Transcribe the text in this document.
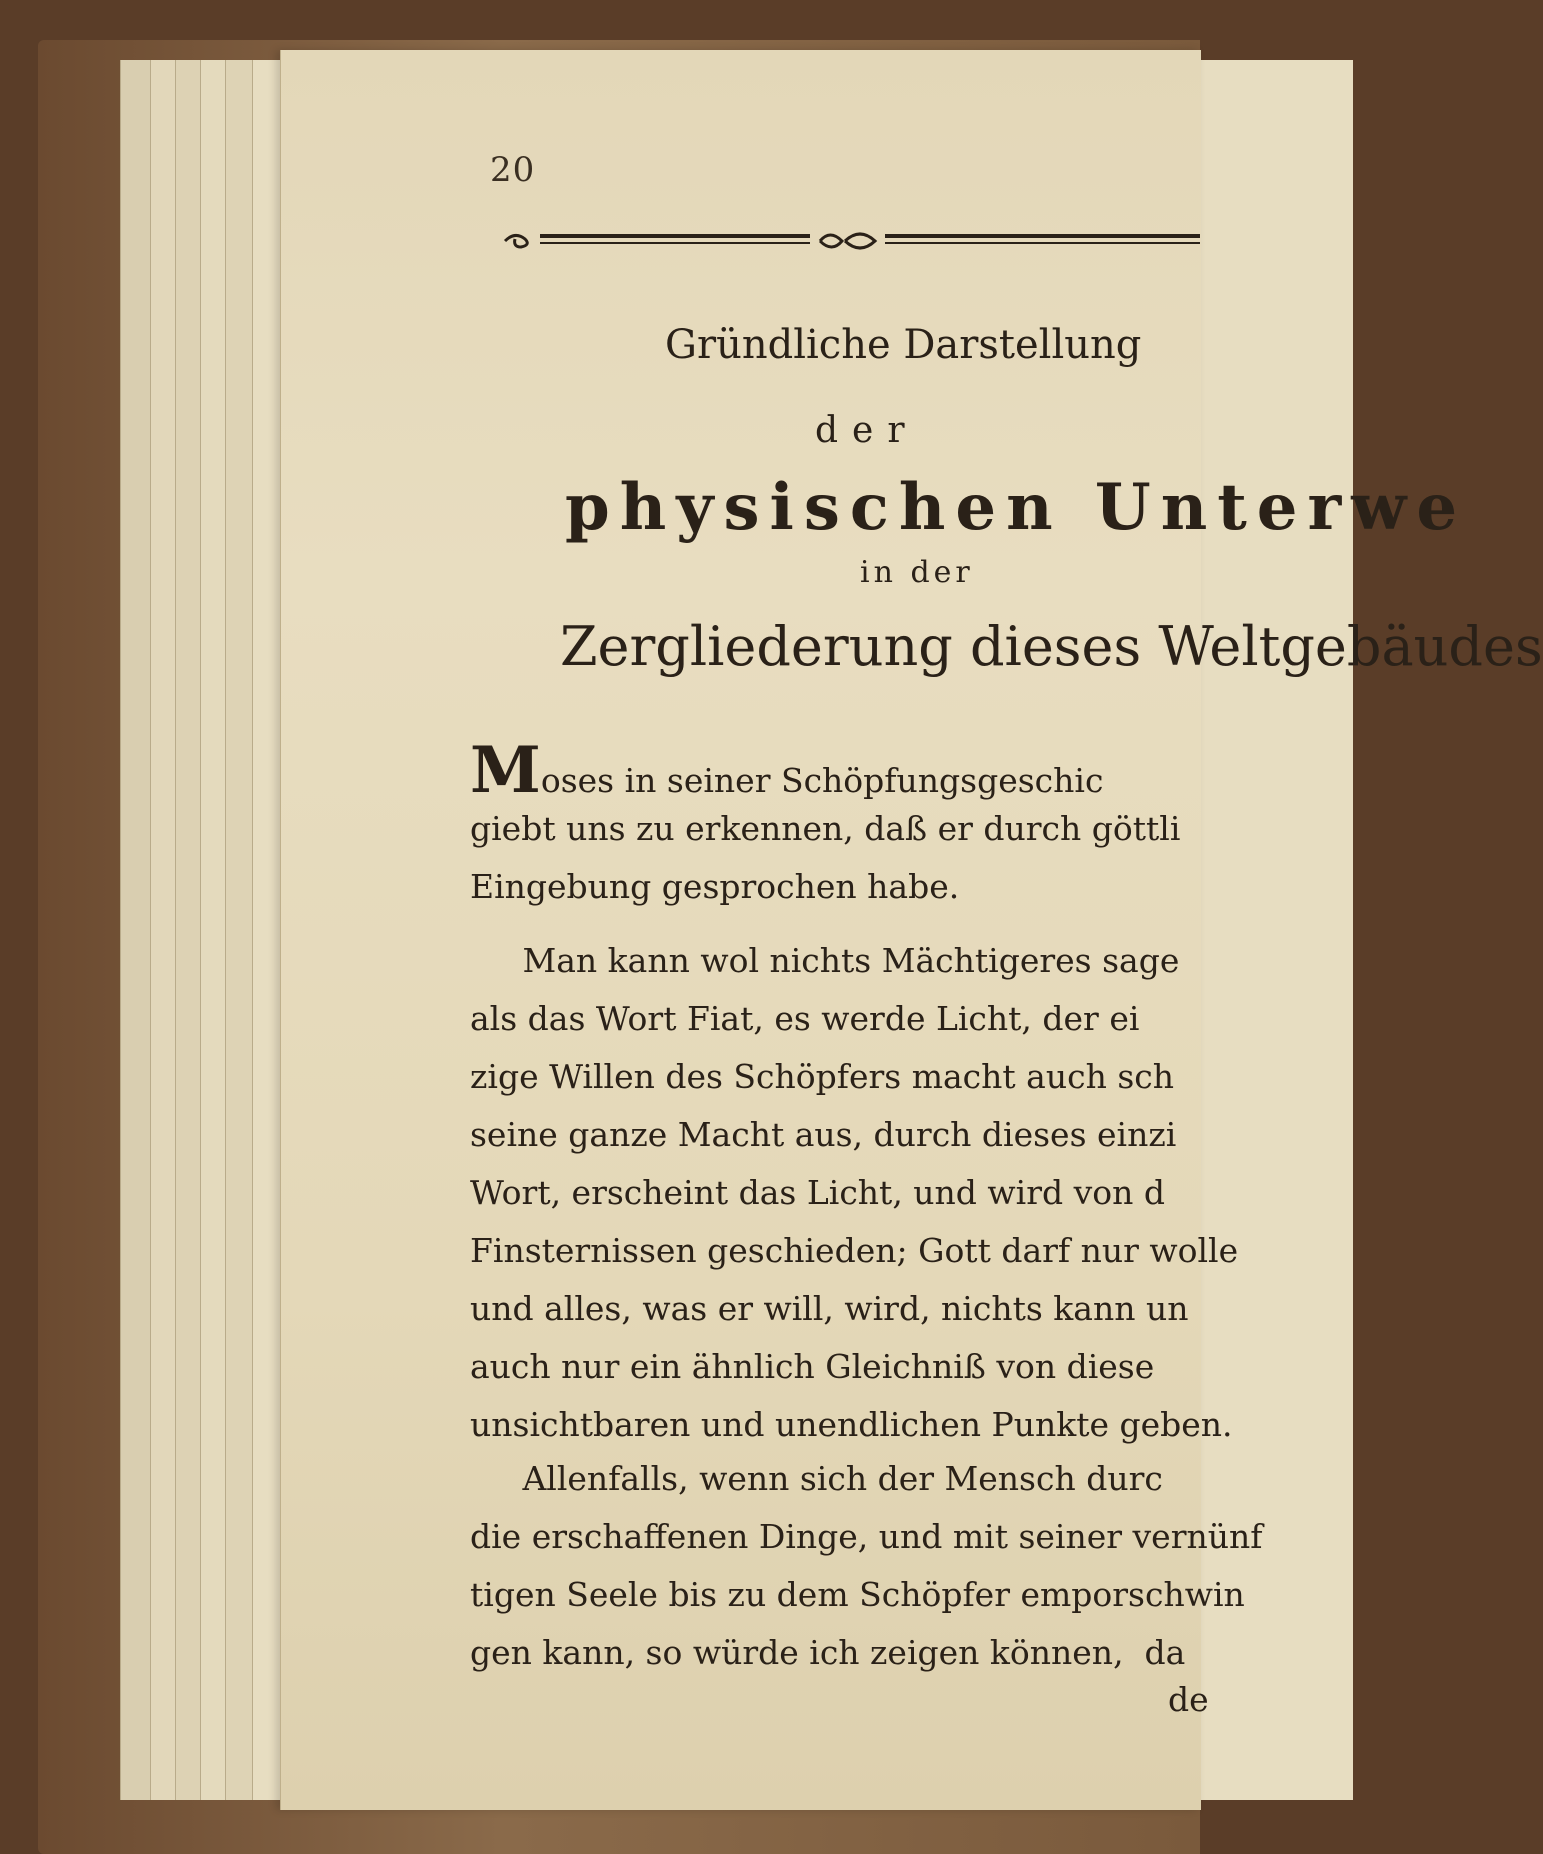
20
Gründliche Darstellung
der
physischen Unterwe
in der
Zergliederung dieses Weltgebäudes
Moses in seiner Schöpfungsgeschic
giebt uns zu erkennen, daß er durch göttli
Eingebung gesprochen habe.
Man kann wol nichts Mächtigeres sage
als das Wort Fiat, es werde Licht, der ei
zige Willen des Schöpfers macht auch sch
seine ganze Macht aus, durch dieses einzi
Wort, erscheint das Licht, und wird von d
Finsternissen geschieden; Gott darf nur wolle
und alles, was er will, wird, nichts kann un
auch nur ein ähnlich Gleichniß von diese
unsichtbaren und unendlichen Punkte geben.
Allenfalls, wenn sich der Mensch durc
die erschaffenen Dinge, und mit seiner vernünf
tigen Seele bis zu dem Schöpfer emporschwin
gen kann, so würde ich zeigen können,  da
de
